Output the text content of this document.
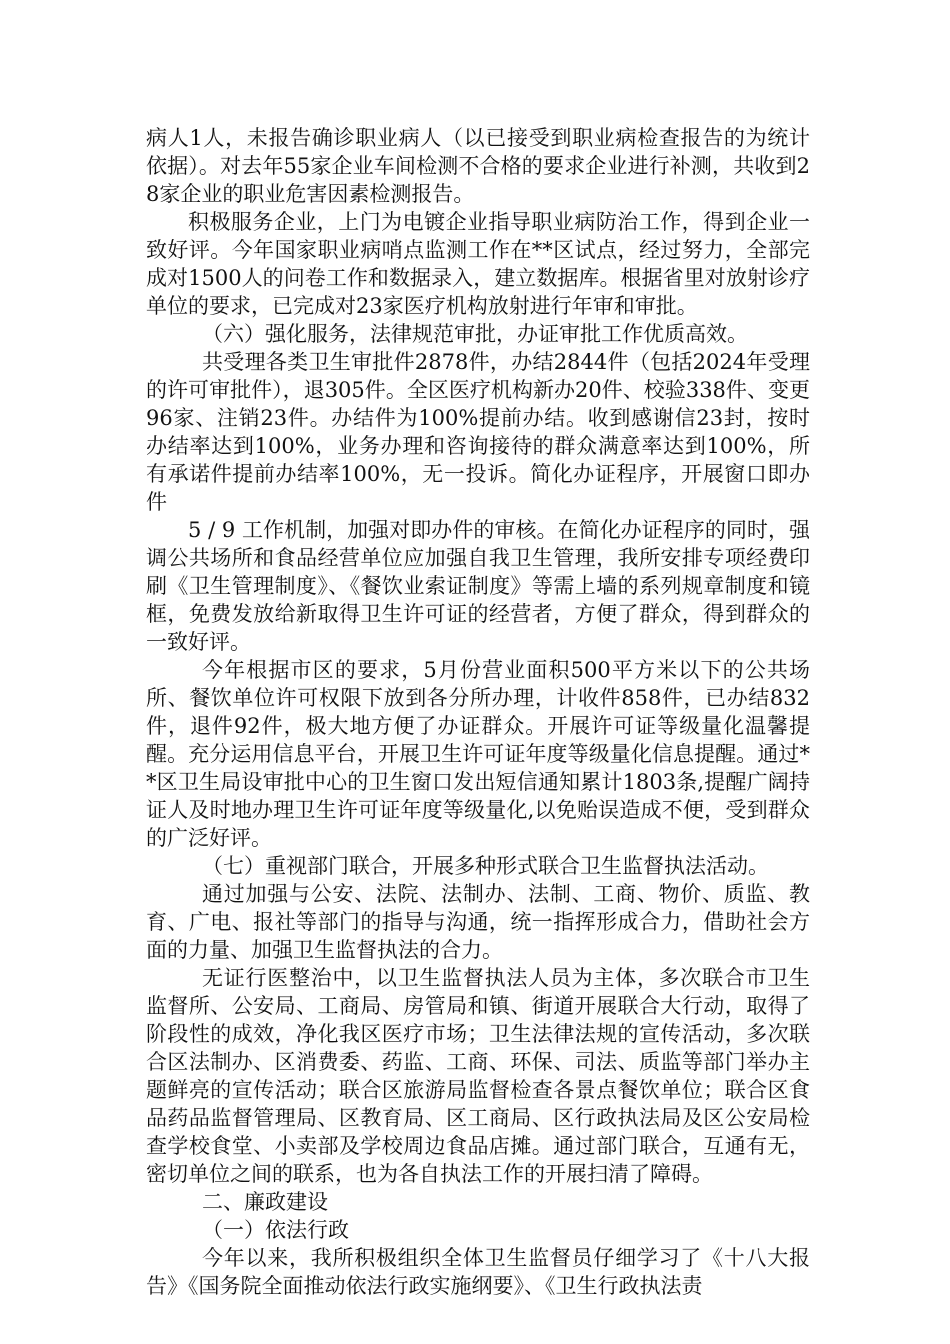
病人1人，未报告确诊职业病人（以已接受到职业病检查报告的为统计依据）。对去年55家企业车间检测不合格的要求企业进行补测，共收到28家企业的职业危害因素检测报告。

积极服务企业，上门为电镀企业指导职业病防治工作，得到企业一致好评。今年国家职业病哨点监测工作在**区试点，经过努力，全部完成对1500人的问卷工作和数据录入，建立数据库。根据省里对放射诊疗单位的要求，已完成对23家医疗机构放射进行年审和审批。

（六）强化服务，法律规范审批，办证审批工作优质高效。

共受理各类卫生审批件2878件，办结2844件（包括2024年受理的许可审批件），退305件。全区医疗机构新办20件、校验338件、变更96家、注销23件。办结件为100%提前办结。收到感谢信23封，按时办结率达到100%，业务办理和咨询接待的群众满意率达到100%，所有承诺件提前办结率100%，无一投诉。简化办证程序，开展窗口即办件

5 / 9 工作机制，加强对即办件的审核。在简化办证程序的同时，强调公共场所和食品经营单位应加强自我卫生管理，我所安排专项经费印刷《卫生管理制度》、《餐饮业索证制度》等需上墙的系列规章制度和镜框，免费发放给新取得卫生许可证的经营者，方便了群众，得到群众的一致好评。

今年根据市区的要求，5月份营业面积500平方米以下的公共场所、餐饮单位许可权限下放到各分所办理，计收件858件，已办结832件，退件92件，极大地方便了办证群众。开展许可证等级量化温馨提醒。充分运用信息平台，开展卫生许可证年度等级量化信息提醒。通过**区卫生局设审批中心的卫生窗口发出短信通知累计1803条,提醒广阔持证人及时地办理卫生许可证年度等级量化,以免贻误造成不便，受到群众的广泛好评。

（七）重视部门联合，开展多种形式联合卫生监督执法活动。

通过加强与公安、法院、法制办、法制、工商、物价、质监、教育、广电、报社等部门的指导与沟通，统一指挥形成合力，借助社会方面的力量、加强卫生监督执法的合力。

无证行医整治中，以卫生监督执法人员为主体，多次联合市卫生监督所、公安局、工商局、房管局和镇、街道开展联合大行动，取得了阶段性的成效，净化我区医疗市场；卫生法律法规的宣传活动，多次联合区法制办、区消费委、药监、工商、环保、司法、质监等部门举办主题鲜亮的宣传活动；联合区旅游局监督检查各景点餐饮单位；联合区食品药品监督管理局、区教育局、区工商局、区行政执法局及区公安局检查学校食堂、小卖部及学校周边食品店摊。通过部门联合，互通有无，密切单位之间的联系，也为各自执法工作的开展扫清了障碍。

二、廉政建设

（一）依法行政

今年以来，我所积极组织全体卫生监督员仔细学习了《十八大报告》《国务院全面推动依法行政实施纲要》、《卫生行政执法责
